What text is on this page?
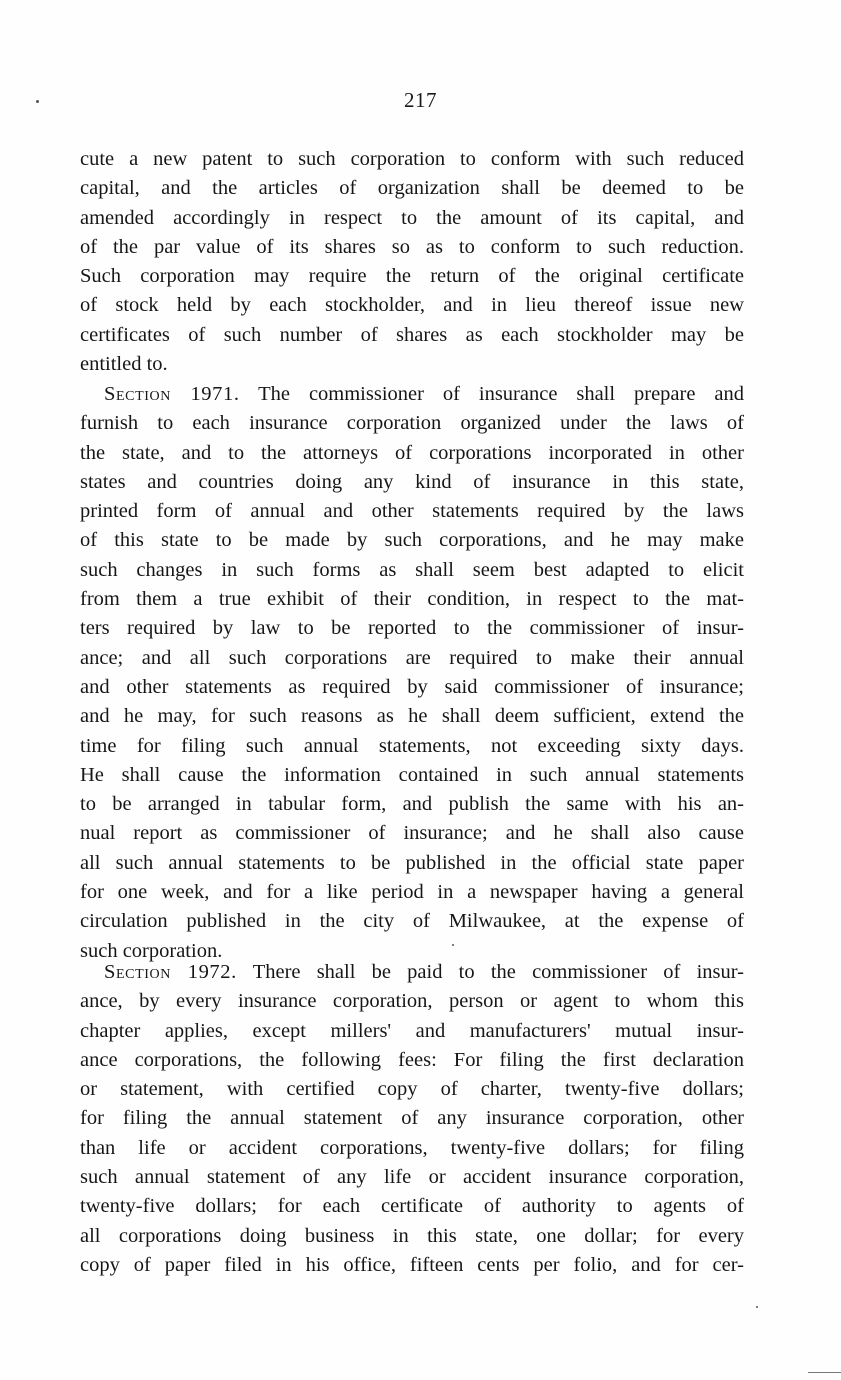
217
cute a new patent to such corporation to conform with such reduced
capital, and the articles of organization shall be deemed to be
amended accordingly in respect to the amount of its capital, and
of the par value of its shares so as to conform to such reduction.
Such corporation may require the return of the original certificate
of stock held by each stockholder, and in lieu thereof issue new
certificates of such number of shares as each stockholder may be
entitled to.
Section 1971. The commissioner of insurance shall prepare and
furnish to each insurance corporation organized under the laws of
the state, and to the attorneys of corporations incorporated in other
states and countries doing any kind of insurance in this state,
printed form of annual and other statements required by the laws
of this state to be made by such corporations, and he may make
such changes in such forms as shall seem best adapted to elicit
from them a true exhibit of their condition, in respect to the mat-
ters required by law to be reported to the commissioner of insur-
ance; and all such corporations are required to make their annual
and other statements as required by said commissioner of insurance;
and he may, for such reasons as he shall deem sufficient, extend the
time for filing such annual statements, not exceeding sixty days.
He shall cause the information contained in such annual statements
to be arranged in tabular form, and publish the same with his an-
nual report as commissioner of insurance; and he shall also cause
all such annual statements to be published in the official state paper
for one week, and for a like period in a newspaper having a general
circulation published in the city of Milwaukee, at the expense of
such corporation.
Section 1972. There shall be paid to the commissioner of insur-
ance, by every insurance corporation, person or agent to whom this
chapter applies, except millers' and manufacturers' mutual insur-
ance corporations, the following fees: For filing the first declaration
or statement, with certified copy of charter, twenty-five dollars;
for filing the annual statement of any insurance corporation, other
than life or accident corporations, twenty-five dollars; for filing
such annual statement of any life or accident insurance corporation,
twenty-five dollars; for each certificate of authority to agents of
all corporations doing business in this state, one dollar; for every
copy of paper filed in his office, fifteen cents per folio, and for cer-
